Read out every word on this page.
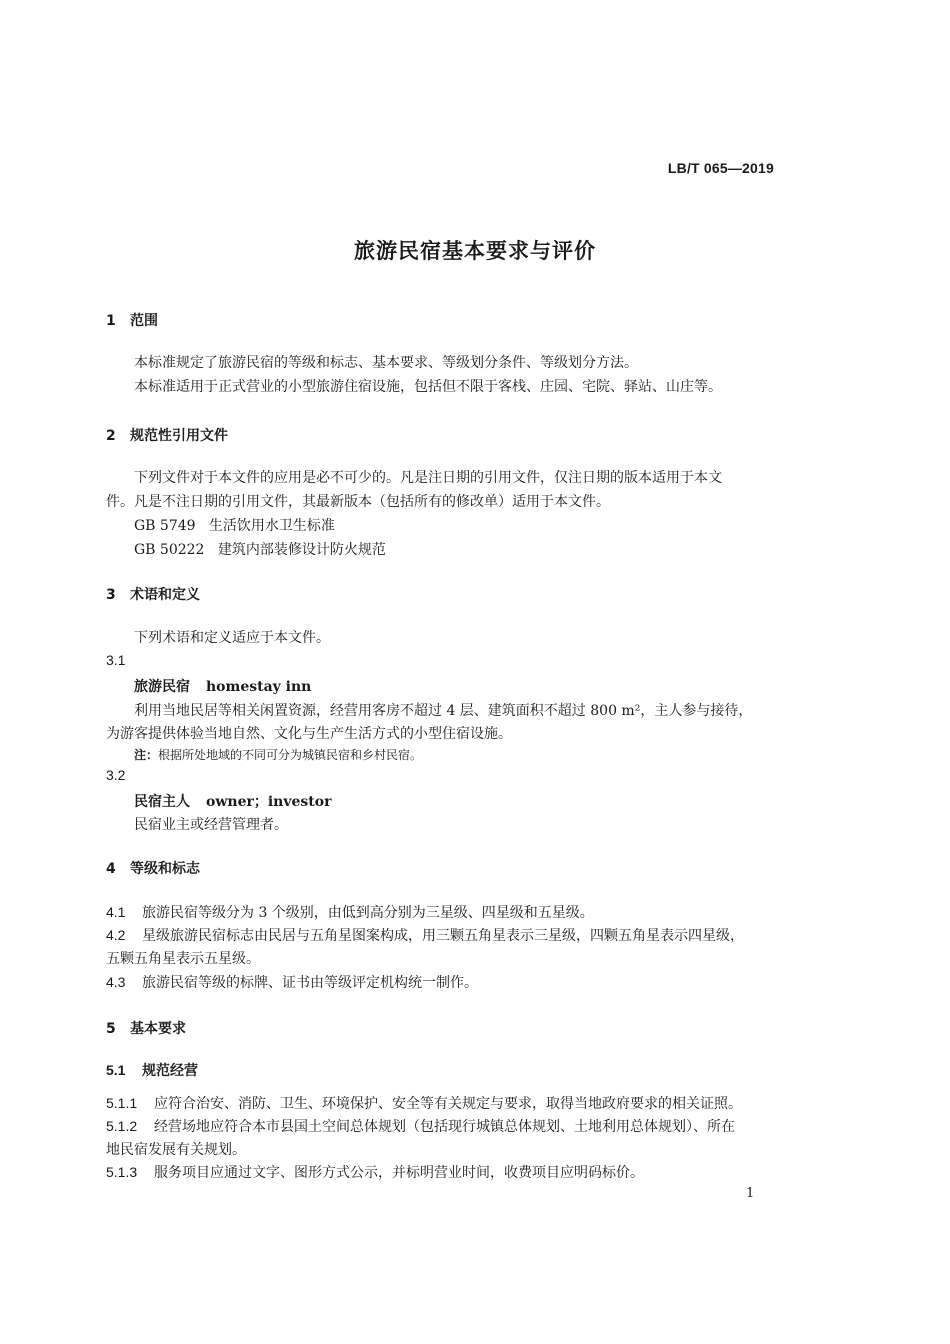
LB/T 065—2019
旅游民宿基本要求与评价
1 范围
本标准规定了旅游民宿的等级和标志、基本要求、等级划分条件、等级划分方法。
本标准适用于正式营业的小型旅游住宿设施，包括但不限于客栈、庄园、宅院、驿站、山庄等。
2 规范性引用文件
下列文件对于本文件的应用是必不可少的。凡是注日期的引用文件，仅注日期的版本适用于本文
件。凡是不注日期的引用文件，其最新版本（包括所有的修改单）适用于本文件。
GB 5749 生活饮用水卫生标准
GB 50222 建筑内部装修设计防火规范
3 术语和定义
下列术语和定义适应于本文件。
3.1
旅游民宿 homestay inn
利用当地民居等相关闲置资源，经营用客房不超过 4 层、建筑面积不超过 800 m²，主人参与接待，
为游客提供体验当地自然、文化与生产生活方式的小型住宿设施。
注：根据所处地域的不同可分为城镇民宿和乡村民宿。
3.2
民宿主人 owner；investor
民宿业主或经营管理者。
4 等级和标志
4.1 旅游民宿等级分为 3 个级别，由低到高分别为三星级、四星级和五星级。
4.2 星级旅游民宿标志由民居与五角星图案构成，用三颗五角星表示三星级，四颗五角星表示四星级，
五颗五角星表示五星级。
4.3 旅游民宿等级的标牌、证书由等级评定机构统一制作。
5 基本要求
5.1 规范经营
5.1.1 应符合治安、消防、卫生、环境保护、安全等有关规定与要求，取得当地政府要求的相关证照。
5.1.2 经营场地应符合本市县国土空间总体规划（包括现行城镇总体规划、土地利用总体规划）、所在
地民宿发展有关规划。
5.1.3 服务项目应通过文字、图形方式公示，并标明营业时间，收费项目应明码标价。
1
